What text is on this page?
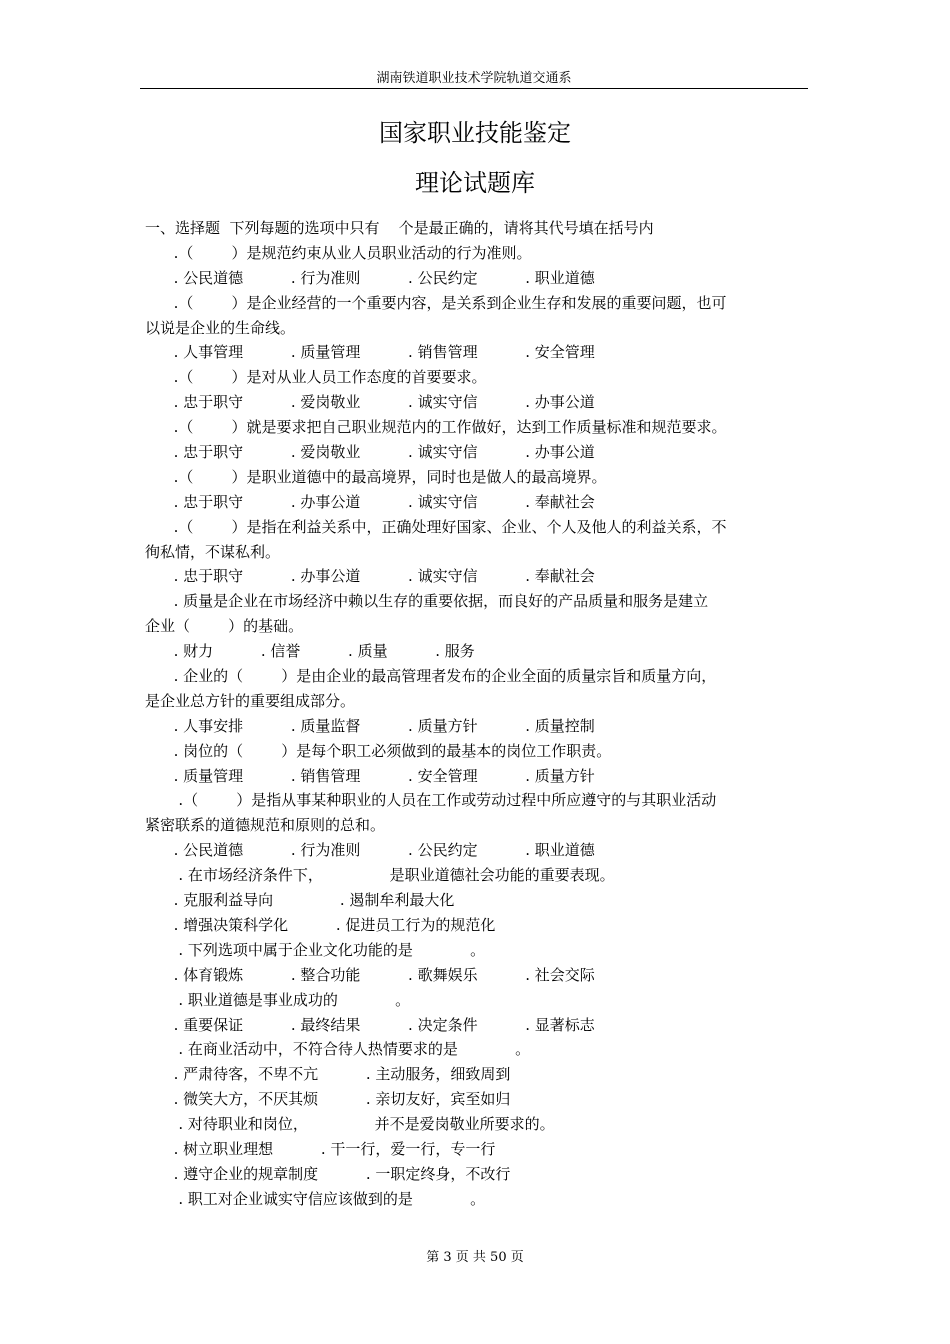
湖南铁道职业技术学院轨道交通系
国家职业技能鉴定
理论试题库
一、选择题  下列每题的选项中只有    个是最正确的，请将其代号填在括号内
.（        ）是规范约束从业人员职业活动的行为准则。
. 公民道德          . 行为准则          . 公民约定          . 职业道德
.（        ）是企业经营的一个重要内容，是关系到企业生存和发展的重要问题，也可
以说是企业的生命线。
. 人事管理          . 质量管理          . 销售管理          . 安全管理
.（        ）是对从业人员工作态度的首要要求。
. 忠于职守          . 爱岗敬业          . 诚实守信          . 办事公道
.（        ）就是要求把自己职业规范内的工作做好，达到工作质量标准和规范要求。
. 忠于职守          . 爱岗敬业          . 诚实守信          . 办事公道
.（        ）是职业道德中的最高境界，同时也是做人的最高境界。
. 忠于职守          . 办事公道          . 诚实守信          . 奉献社会
.（        ）是指在利益关系中，正确处理好国家、企业、个人及他人的利益关系，不
徇私情，不谋私利。
. 忠于职守          . 办事公道          . 诚实守信          . 奉献社会
. 质量是企业在市场经济中赖以生存的重要依据，而良好的产品质量和服务是建立
企业（        ）的基础。
. 财力          . 信誉          . 质量          . 服务
. 企业的（        ）是由企业的最高管理者发布的企业全面的质量宗旨和质量方向，
是企业总方针的重要组成部分。
. 人事安排          . 质量监督          . 质量方针          . 质量控制
. 岗位的（        ）是每个职工必须做到的最基本的岗位工作职责。
. 质量管理          . 销售管理          . 安全管理          . 质量方针
.（        ）是指从事某种职业的人员在工作或劳动过程中所应遵守的与其职业活动
紧密联系的道德规范和原则的总和。
. 公民道德          . 行为准则          . 公民约定          . 职业道德
. 在市场经济条件下，              是职业道德社会功能的重要表现。
. 克服利益导向              . 遏制牟利最大化
. 增强决策科学化          . 促进员工行为的规范化
. 下列选项中属于企业文化功能的是            。
. 体育锻炼          . 整合功能          . 歌舞娱乐          . 社会交际
. 职业道德是事业成功的            。
. 重要保证          . 最终结果          . 决定条件          . 显著标志
. 在商业活动中，不符合待人热情要求的是            。
. 严肃待客，不卑不亢          . 主动服务，细致周到
. 微笑大方，不厌其烦          . 亲切友好，宾至如归
. 对待职业和岗位，              并不是爱岗敬业所要求的。
. 树立职业理想          . 干一行，爱一行，专一行
. 遵守企业的规章制度          . 一职定终身，不改行
. 职工对企业诚实守信应该做到的是            。
第 3 页 共 50 页
